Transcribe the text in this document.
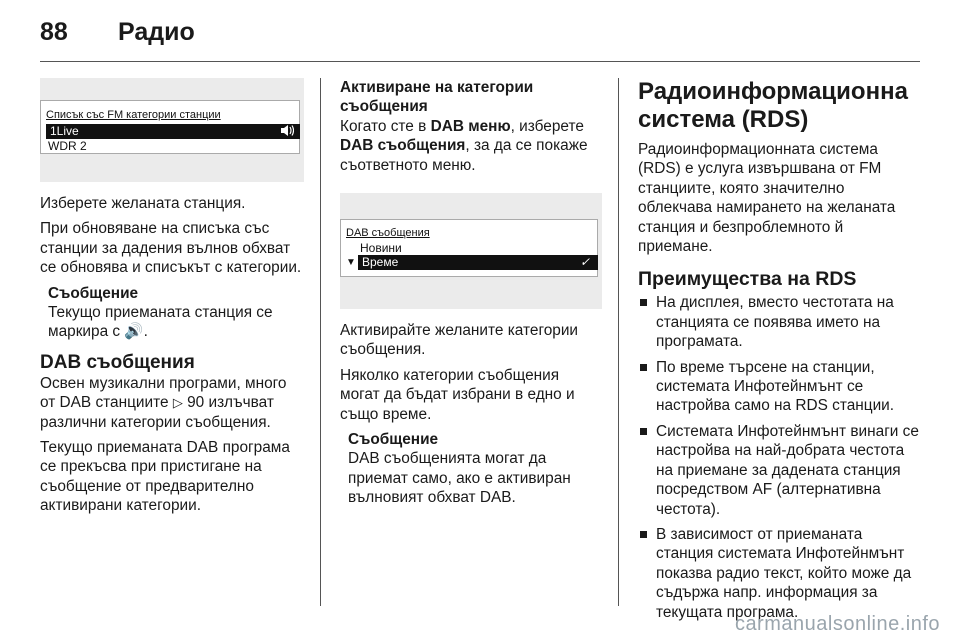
88 Радио
Списък със FM категории станции
1Live
WDR 2

Изберете желаната станция.

При обновяване на списъка със станции за дадения вълнов обхват се обновява и списъкът с категории.

Съобщение

Текущо приеманата станция се маркира с 🔊.

DAB съобщения

Освен музикални програми, много от DAB станциите ▷ 90 излъчват различни категории съобщения.

Текущо приеманата DAB програма се прекъсва при пристигане на съобщение от предварително активирани категории.

Активиране на категории съобщения

Когато сте в DAB меню, изберете DAB съобщения, за да се покаже съответното меню.

DAB съобщения
Новини
▼ Време	✓

Активирайте желаните категории съобщения.

Няколко категории съобщения могат да бъдат избрани в едно и също време.

Съобщение

DAB съобщенията могат да приемат само, ако е активиран вълновият обхват DAB.

Радиоинформационна система (RDS)

Радиоинформационната система (RDS) е услуга извършвана от FM станциите, която значително облекчава намирането на желаната станция и безпроблемното й приемане.

Преимущества на RDS
На дисплея, вместо честотата на станцията се появява името на програмата.
По време търсене на станции, системата Инфотейнмънт се настройва само на RDS станции.
Системата Инфотейнмънт винаги се настройва на най-добрата честота на приемане за дадената станция посредством AF (алтернативна честота).
В зависимост от приеманата станция системата Инфотейнмънт показва радио текст, който може да съдържа напр. информация за текущата програма.
carmanualsonline.info
